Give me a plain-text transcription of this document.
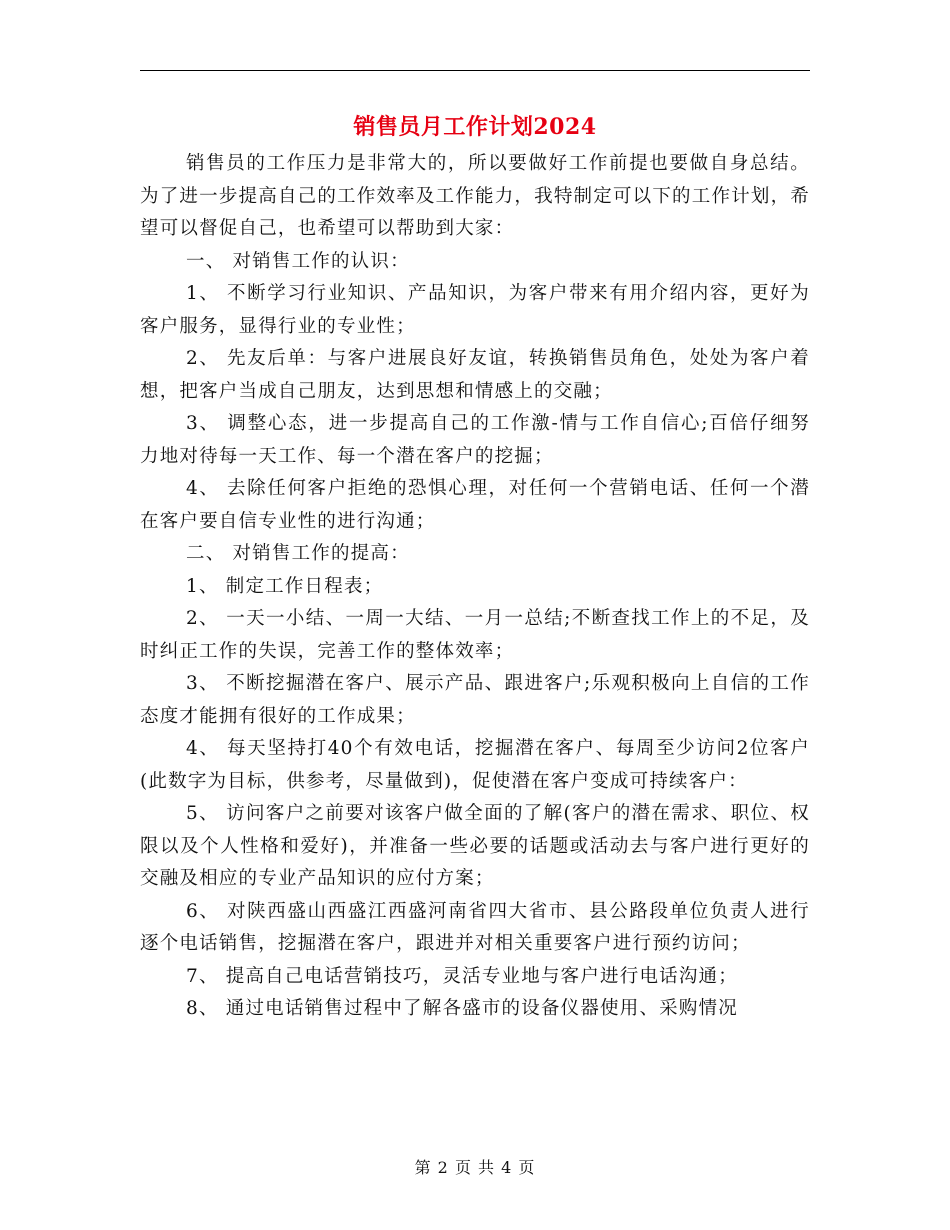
销售员月工作计划2024

销售员的工作压力是非常大的，所以要做好工作前提也要做自身总结。为了进一步提高自己的工作效率及工作能力，我特制定可以下的工作计划，希望可以督促自己，也希望可以帮助到大家：

一、 对销售工作的认识：

1、 不断学习行业知识、产品知识，为客户带来有用介绍内容，更好为客户服务，显得行业的专业性；

2、 先友后单：与客户进展良好友谊，转换销售员角色，处处为客户着想，把客户当成自己朋友，达到思想和情感上的交融；

3、 调整心态，进一步提高自己的工作激-情与工作自信心;百倍仔细努力地对待每一天工作、每一个潜在客户的挖掘；

4、 去除任何客户拒绝的恐惧心理，对任何一个营销电话、任何一个潜在客户要自信专业性的进行沟通；

二、 对销售工作的提高：

1、 制定工作日程表；

2、 一天一小结、一周一大结、一月一总结;不断查找工作上的不足，及时纠正工作的失误，完善工作的整体效率；

3、 不断挖掘潜在客户、展示产品、跟进客户;乐观积极向上自信的工作态度才能拥有很好的工作成果；

4、 每天坚持打40个有效电话，挖掘潜在客户、每周至少访问2位客户(此数字为目标，供参考，尽量做到)，促使潜在客户变成可持续客户：

5、 访问客户之前要对该客户做全面的了解(客户的潜在需求、职位、权限以及个人性格和爱好)，并准备一些必要的话题或活动去与客户进行更好的交融及相应的专业产品知识的应付方案；

6、 对陕西盛山西盛江西盛河南省四大省市、县公路段单位负责人进行逐个电话销售，挖掘潜在客户，跟进并对相关重要客户进行预约访问；

7、 提高自己电话营销技巧，灵活专业地与客户进行电话沟通；

8、 通过电话销售过程中了解各盛市的设备仪器使用、采购情况

第 2 页 共 4 页
